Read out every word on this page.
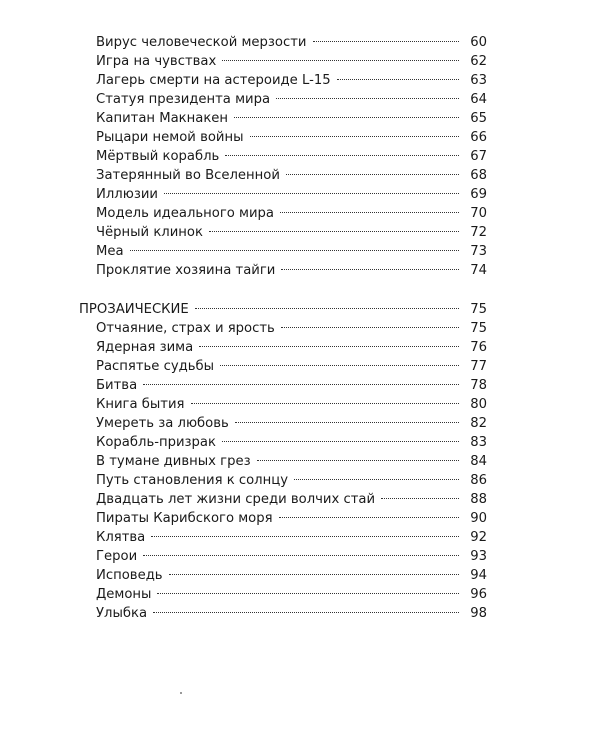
Вирус человеческой мерзости	60
Игра на чувствах	62
Лагерь смерти на астероиде L-15	63
Статуя президента мира	64
Капитан Макнакен	65
Рыцари немой войны	66
Мёртвый корабль	67
Затерянный во Вселенной	68
Иллюзии	69
Модель идеального мира	70
Чёрный клинок	72
Меа	73
Проклятие хозяина тайги	74
ПРОЗАИЧЕСКИЕ	75
Отчаяние, страх и ярость	75
Ядерная зима	76
Распятье судьбы	77
Битва	78
Книга бытия	80
Умереть за любовь	82
Корабль-призрак	83
В тумане дивных грез	84
Путь становления к солнцу	86
Двадцать лет жизни среди волчих стай	88
Пираты Карибского моря	90
Клятва	92
Герои	93
Исповедь	94
Демоны	96
Улыбка	98
